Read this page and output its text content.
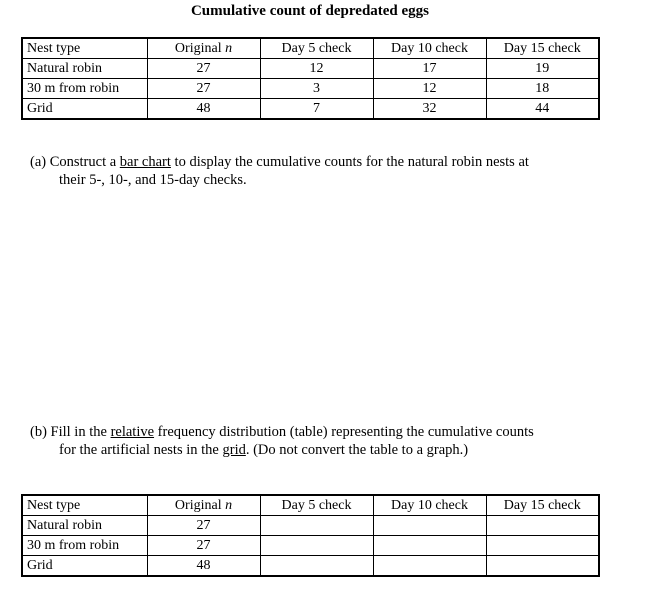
Cumulative count of depredated eggs
Nest type	Original n	Day 5 check	Day 10 check	Day 15 check
Natural robin	27	12	17	19
30 m from robin	27	3	12	18
Grid	48	7	32	44
(a) Construct a bar chart to display the cumulative counts for the natural robin nests at
their 5-, 10-, and 15-day checks.
(b) Fill in the relative frequency distribution (table) representing the cumulative counts
for the artificial nests in the grid. (Do not convert the table to a graph.)
Nest type	Original n	Day 5 check	Day 10 check	Day 15 check
Natural robin	27			
30 m from robin	27			
Grid	48			
